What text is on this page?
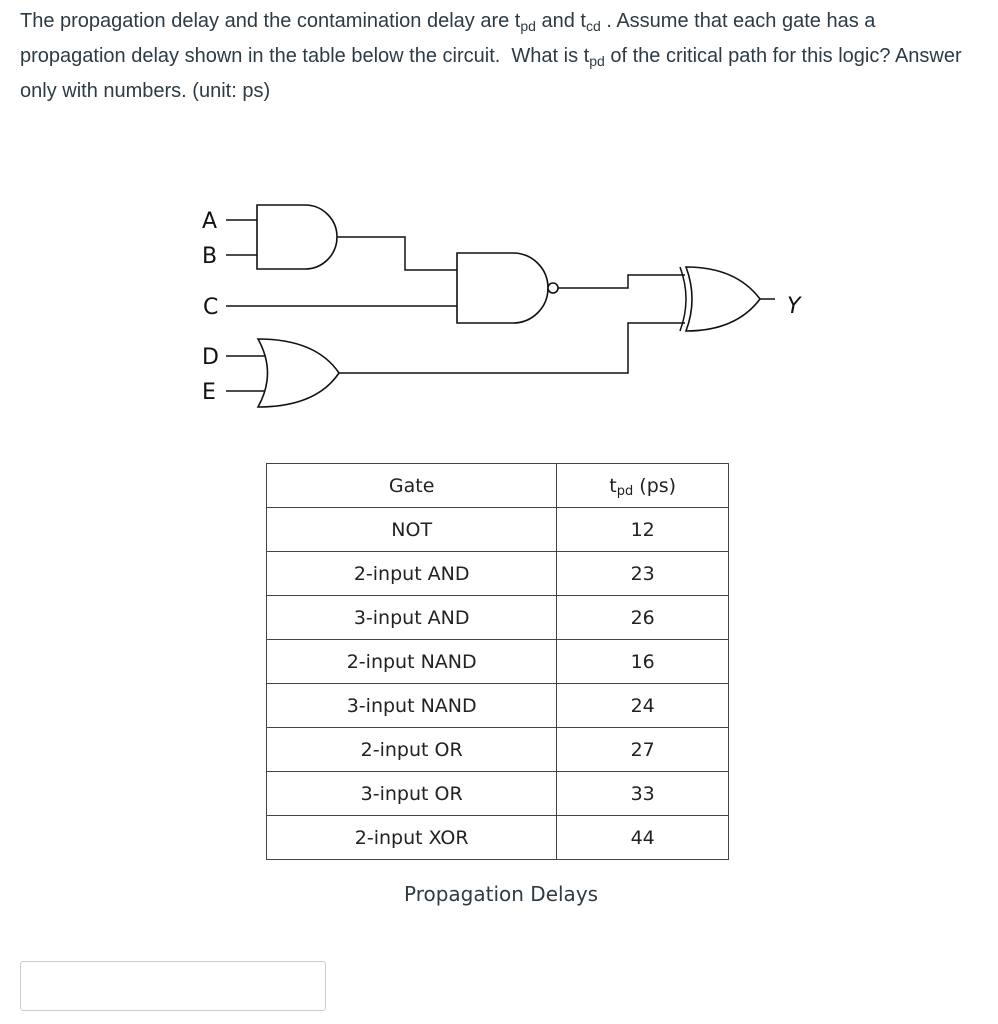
The propagation delay and the contamination delay are $t_{pd}$ and $t_{cd}$ . Assume that each gate has a propagation delay shown in the table below the circuit.  What is $t_{pd}$ of the critical path for this logic? Answer only with numbers. (unit: ps)
A
B
C
D
E
Y
Gate	$t_{pd}$ (ps)
NOT	12
2-input AND	23
3-input AND	26
2-input NAND	16
3-input NAND	24
2-input OR	27
3-input OR	33
2-input XOR	44
Propagation Delays
